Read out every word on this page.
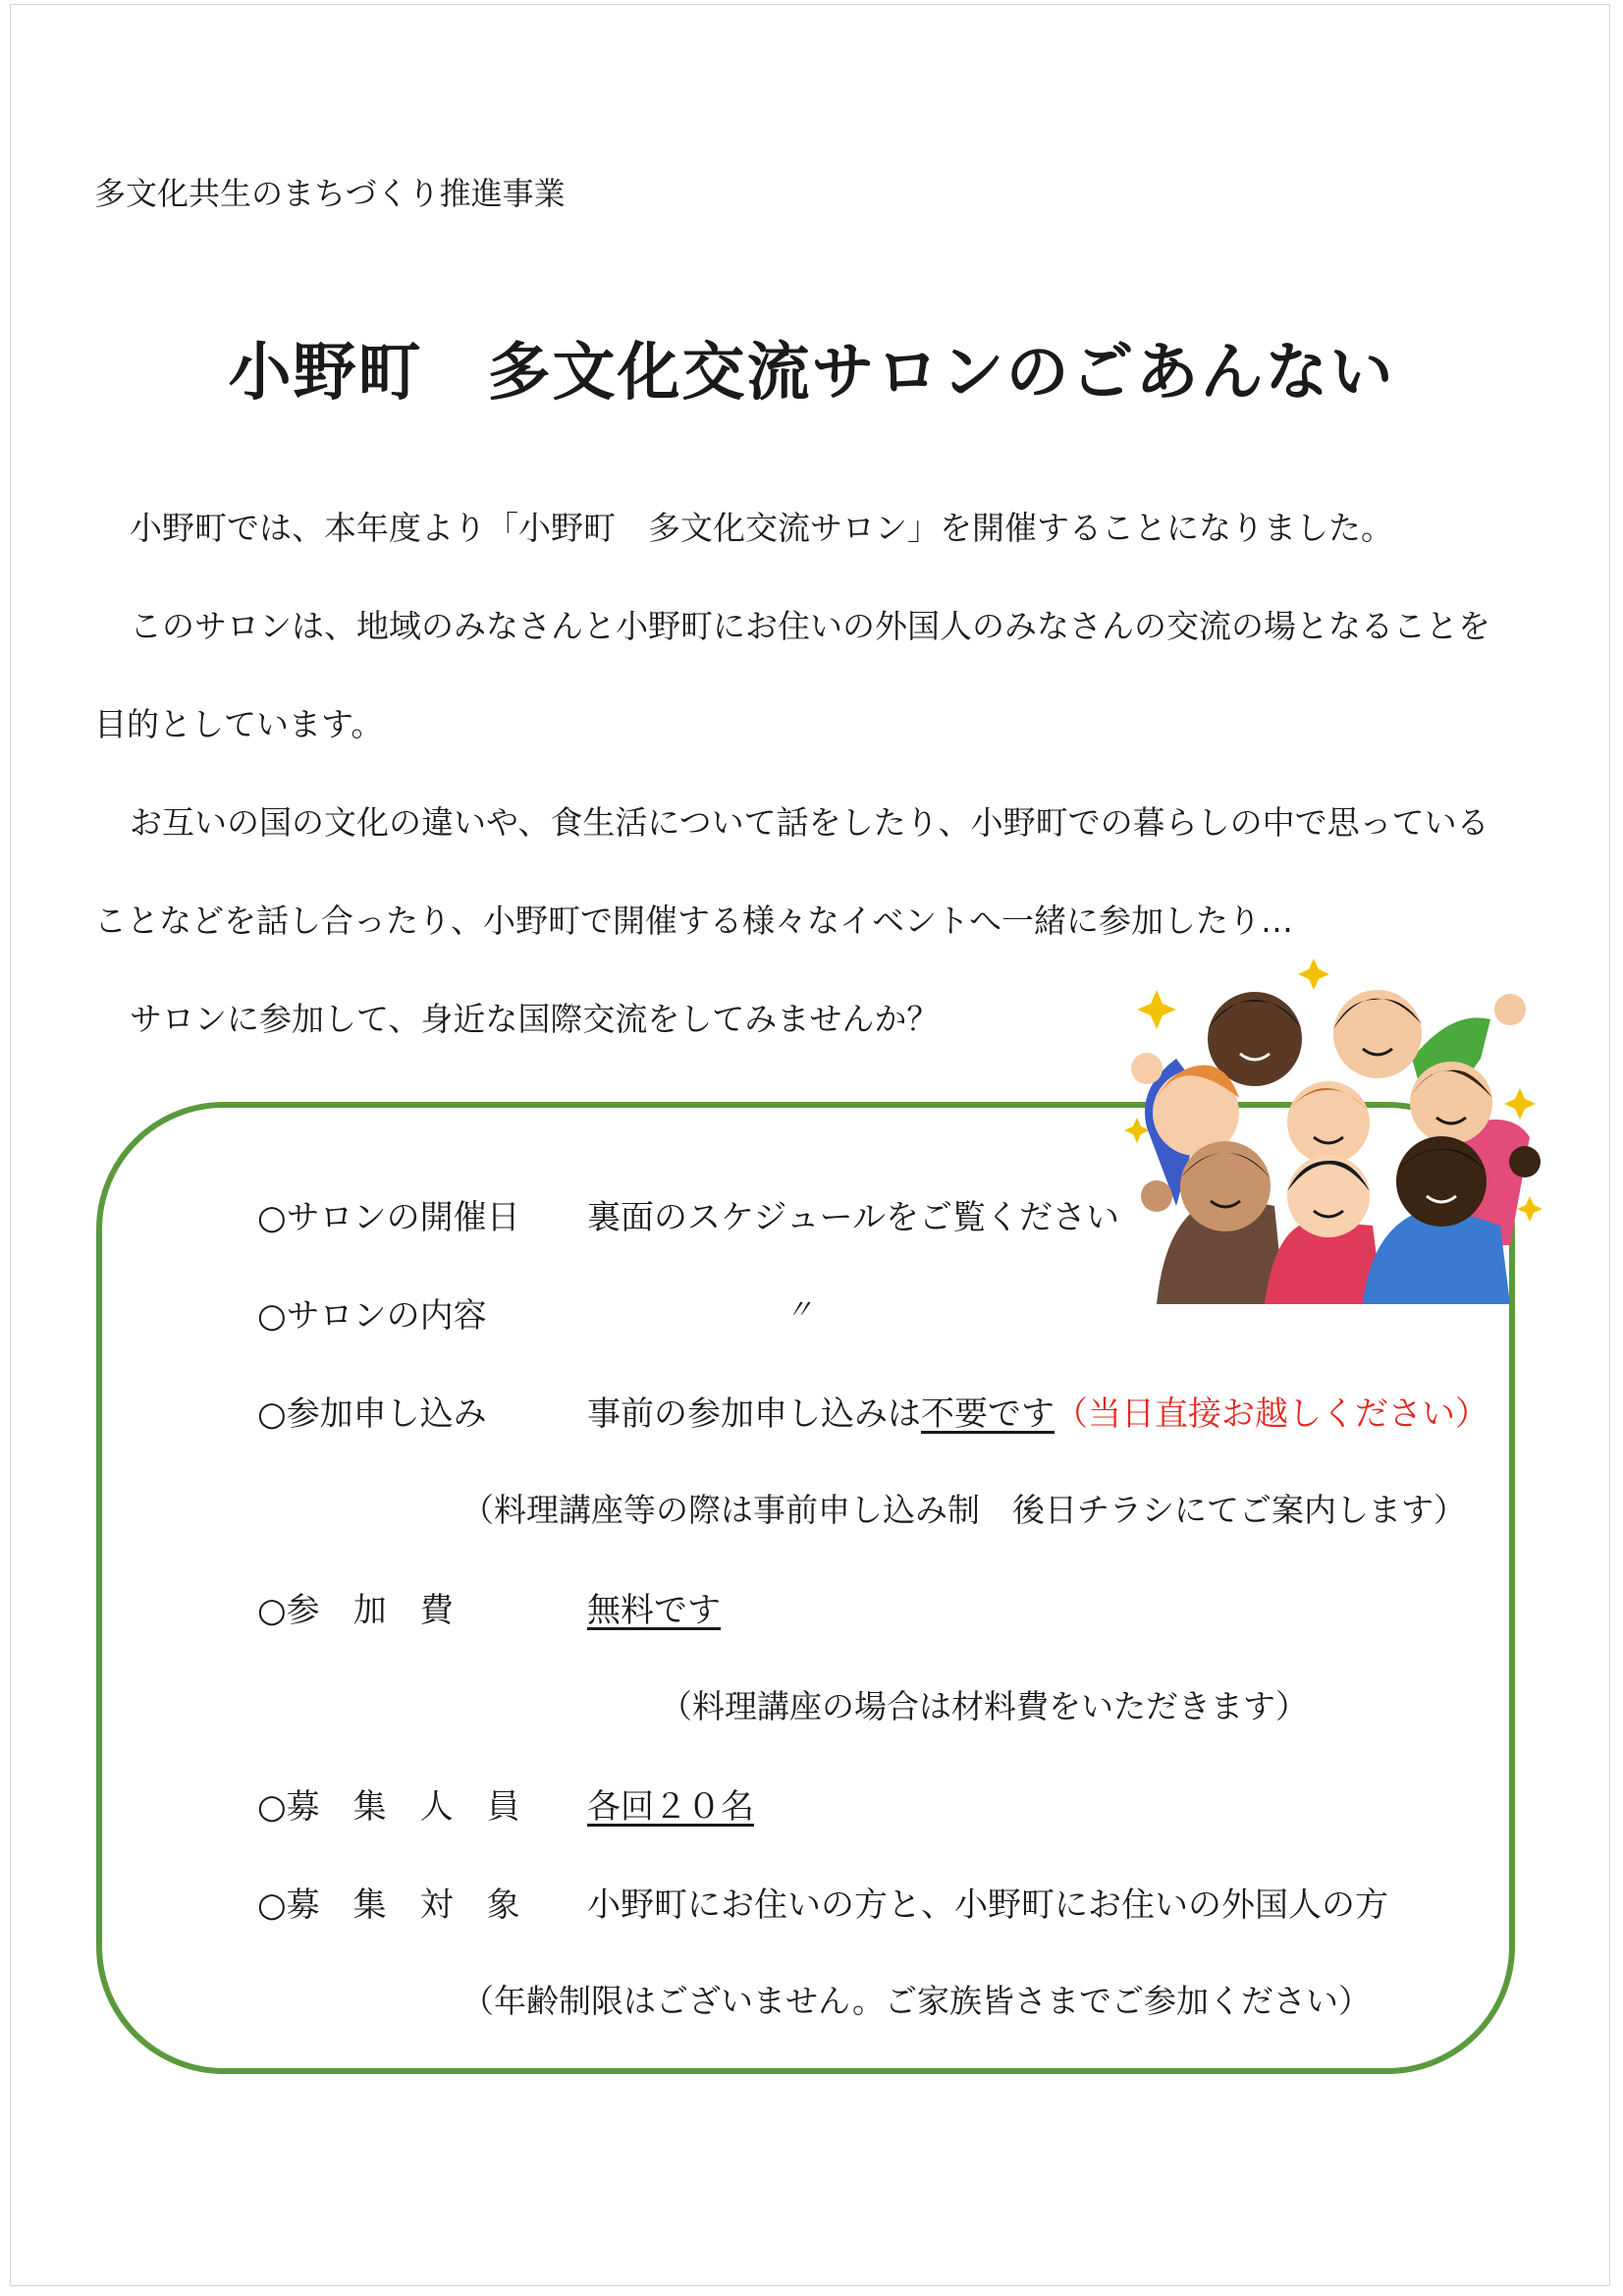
多文化共生のまちづくり推進事業
小野町　多文化交流サロンのごあんない
小野町では、本年度より「小野町　多文化交流サロン」を開催することになりました。
このサロンは、地域のみなさんと小野町にお住いの外国人のみなさんの交流の場となることを
目的としています。
お互いの国の文化の違いや、食生活について話をしたり、小野町での暮らしの中で思っている
ことなどを話し合ったり、小野町で開催する様々なイベントへ一緒に参加したり…
サロンに参加して、身近な国際交流をしてみませんか？
○サロンの開催日 裏面のスケジュールをご覧ください
○サロンの内容	〃
○参加申し込み	事前の参加申し込みは不要です（当日直接お越しください）
（料理講座等の際は事前申し込み制　後日チラシにてご案内します）
○参　加　費	無料です
（料理講座の場合は材料費をいただきます）
○募　集　人　員 各回２０名
○募　集　対　象 小野町にお住いの方と、小野町にお住いの外国人の方
（年齢制限はございません。ご家族皆さまでご参加ください）
